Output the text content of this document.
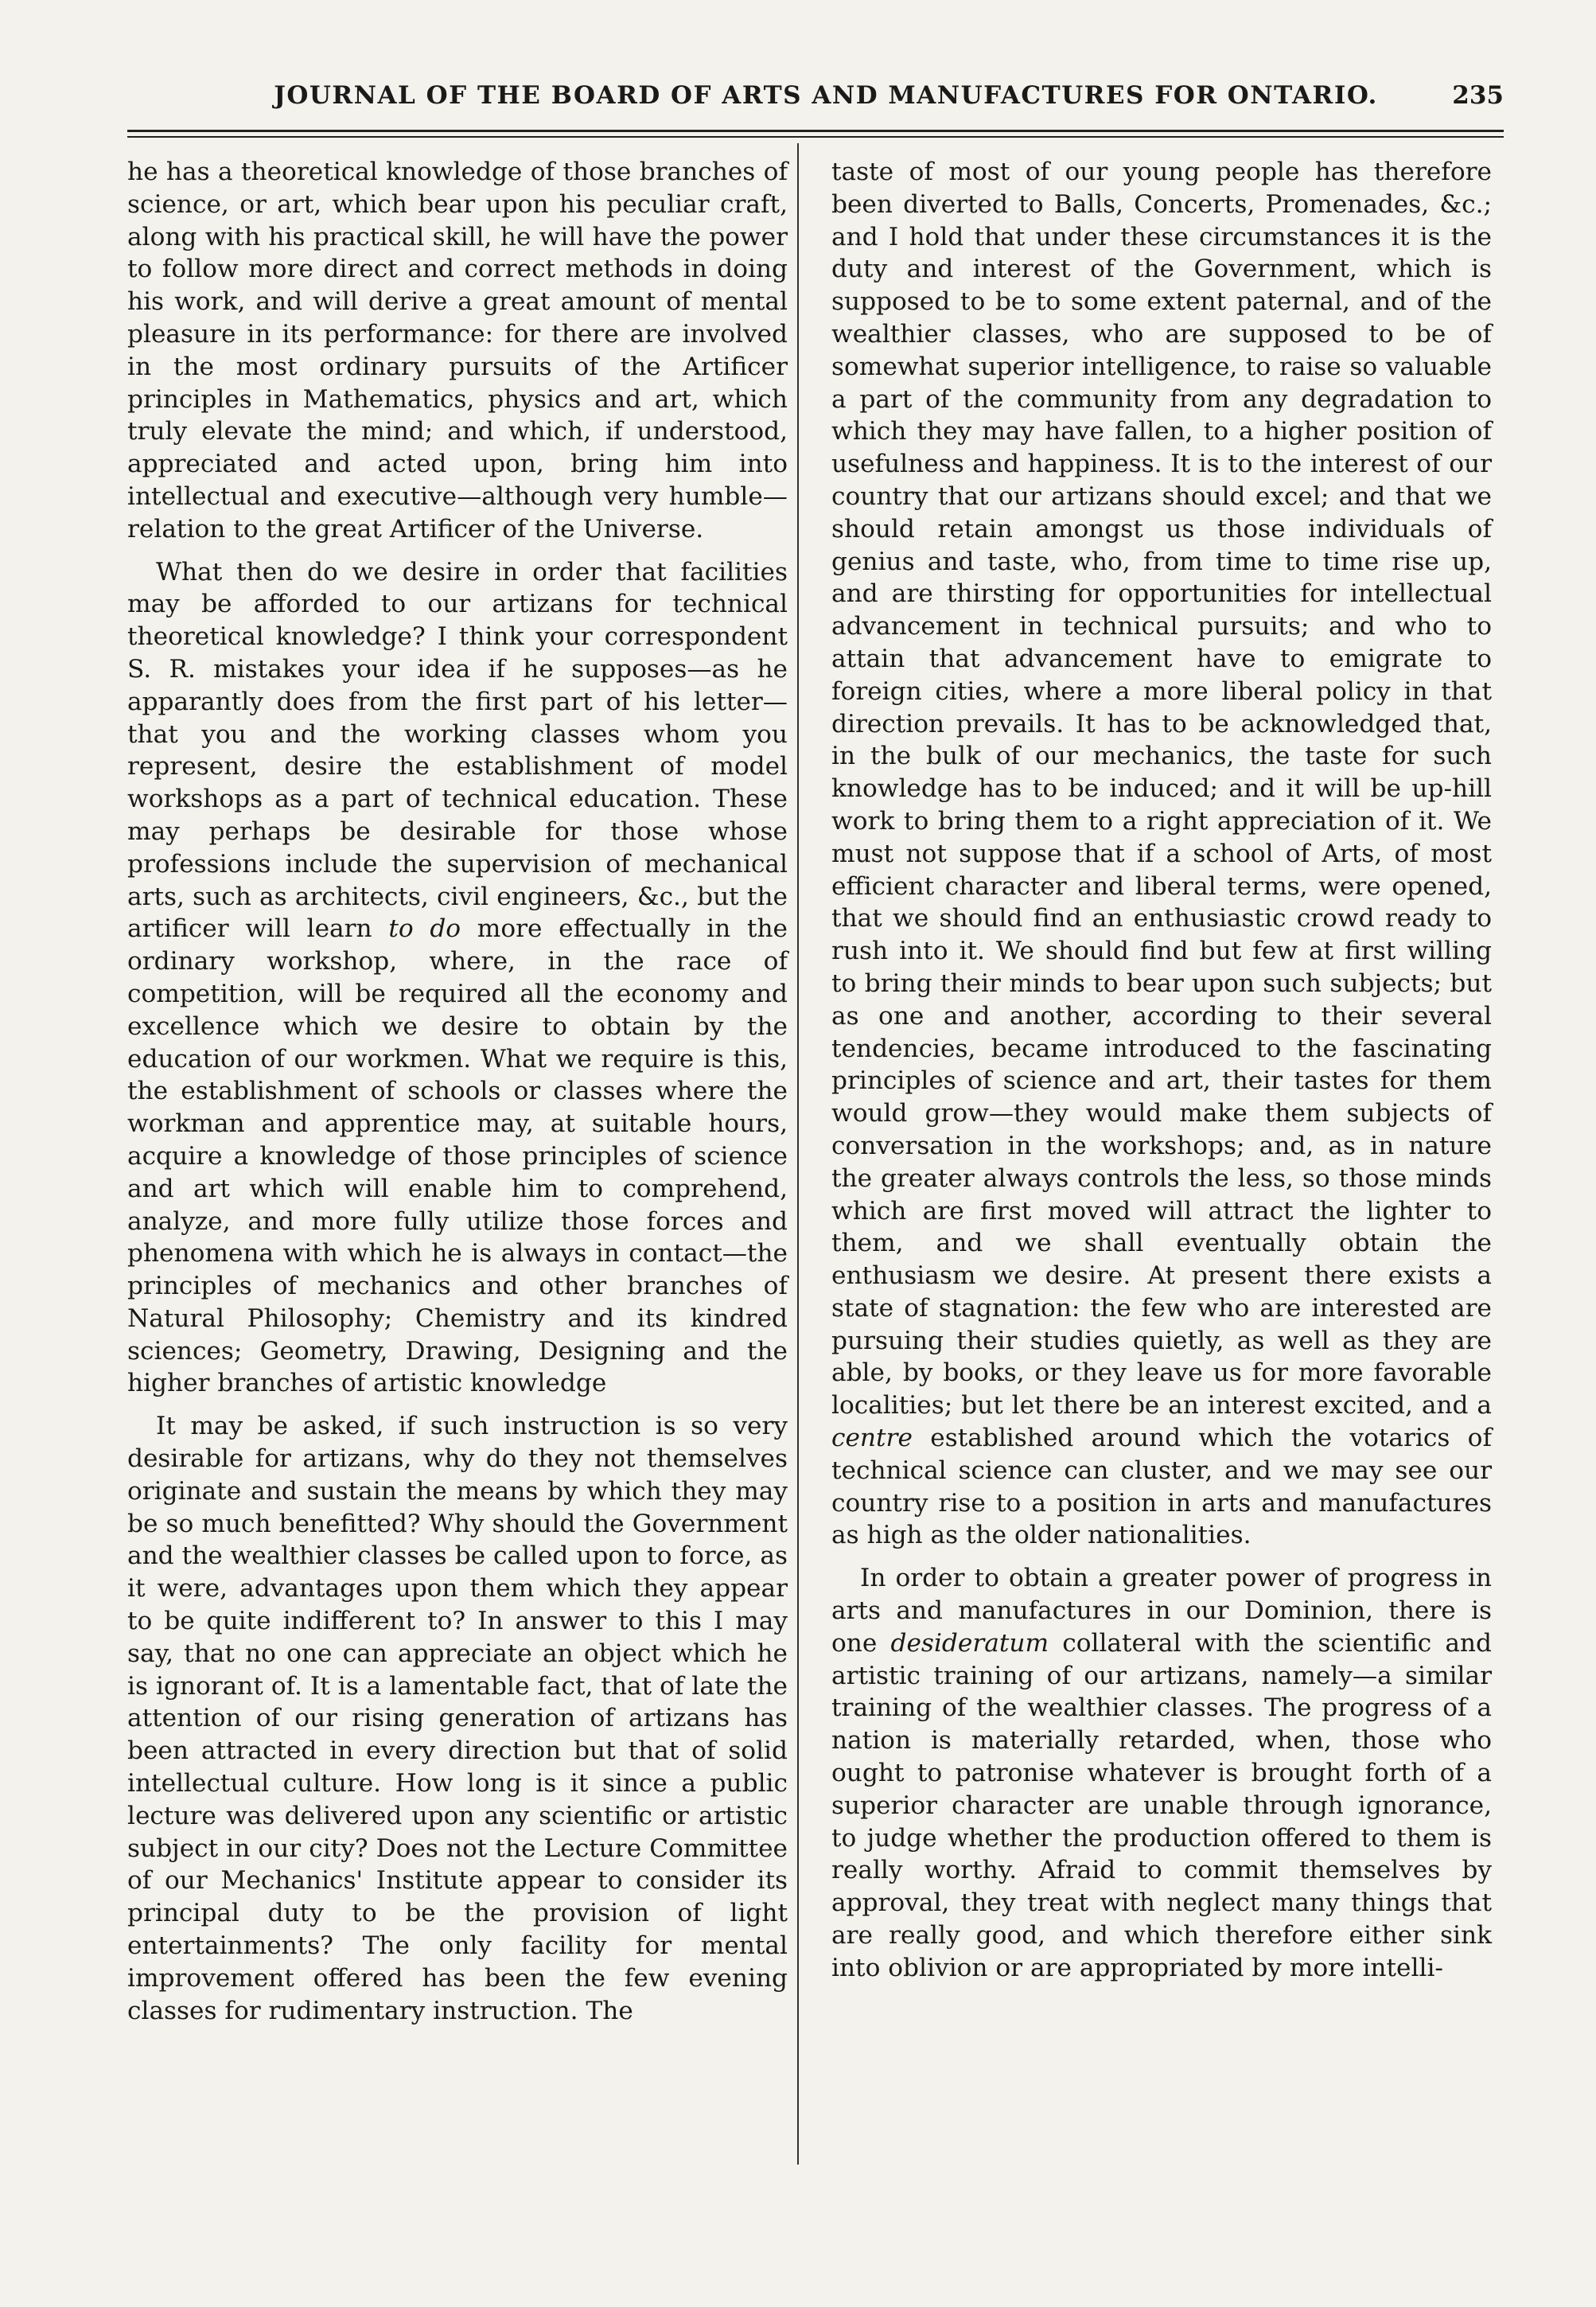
JOURNAL OF THE BOARD OF ARTS AND MANUFACTURES FOR ONTARIO.	235

he has a theoretical knowledge of those branches of science, or art, which bear upon his peculiar craft, along with his practical skill, he will have the power to follow more direct and correct methods in doing his work, and will derive a great amount of mental pleasure in its performance: for there are involved in the most ordinary pursuits of the Artificer principles in Mathematics, physics and art, which truly elevate the mind; and which, if understood, appreciated and acted upon, bring him into intellectual and executive—although very humble—relation to the great Artificer of the Universe.

What then do we desire in order that facilities may be afforded to our artizans for technical theoretical knowledge? I think your correspondent S. R. mistakes your idea if he supposes—as he apparantly does from the first part of his letter—that you and the working classes whom you represent, desire the establishment of model workshops as a part of technical education. These may perhaps be desirable for those whose professions include the supervision of mechanical arts, such as architects, civil engineers, &c., but the artificer will learn to do more effectually in the ordinary workshop, where, in the race of competition, will be required all the economy and excellence which we desire to obtain by the education of our workmen. What we require is this, the establishment of schools or classes where the workman and apprentice may, at suitable hours, acquire a knowledge of those principles of science and art which will enable him to comprehend, analyze, and more fully utilize those forces and phenomena with which he is always in contact—the principles of mechanics and other branches of Natural Philosophy; Chemistry and its kindred sciences; Geometry, Drawing, Designing and the higher branches of artistic knowledge

It may be asked, if such instruction is so very desirable for artizans, why do they not themselves originate and sustain the means by which they may be so much benefitted? Why should the Government and the wealthier classes be called upon to force, as it were, advantages upon them which they appear to be quite indifferent to? In answer to this I may say, that no one can appreciate an object which he is ignorant of. It is a lamentable fact, that of late the attention of our rising generation of artizans has been attracted in every direction but that of solid intellectual culture. How long is it since a public lecture was delivered upon any scientific or artistic subject in our city? Does not the Lecture Committee of our Mechanics' Institute appear to consider its principal duty to be the provision of light entertainments? The only facility for mental improvement offered has been the few evening classes for rudimentary instruction. The

taste of most of our young people has therefore been diverted to Balls, Concerts, Promenades, &c.; and I hold that under these circumstances it is the duty and interest of the Government, which is supposed to be to some extent paternal, and of the wealthier classes, who are supposed to be of somewhat superior intelligence, to raise so valuable a part of the community from any degradation to which they may have fallen, to a higher position of usefulness and happiness. It is to the interest of our country that our artizans should excel; and that we should retain amongst us those individuals of genius and taste, who, from time to time rise up, and are thirsting for opportunities for intellectual advancement in technical pursuits; and who to attain that advancement have to emigrate to foreign cities, where a more liberal policy in that direction prevails. It has to be acknowledged that, in the bulk of our mechanics, the taste for such knowledge has to be induced; and it will be up-hill work to bring them to a right appreciation of it. We must not suppose that if a school of Arts, of most efficient character and liberal terms, were opened, that we should find an enthusiastic crowd ready to rush into it. We should find but few at first willing to bring their minds to bear upon such subjects; but as one and another, according to their several tendencies, became introduced to the fascinating principles of science and art, their tastes for them would grow—they would make them subjects of conversation in the workshops; and, as in nature the greater always controls the less, so those minds which are first moved will attract the lighter to them, and we shall eventually obtain the enthusiasm we desire. At present there exists a state of stagnation: the few who are interested are pursuing their studies quietly, as well as they are able, by books, or they leave us for more favorable localities; but let there be an interest excited, and a centre established around which the votarics of technical science can cluster, and we may see our country rise to a position in arts and manufactures as high as the older nationalities.

In order to obtain a greater power of progress in arts and manufactures in our Dominion, there is one desideratum collateral with the scientific and artistic training of our artizans, namely—a similar training of the wealthier classes. The progress of a nation is materially retarded, when, those who ought to patronise whatever is brought forth of a superior character are unable through ignorance, to judge whether the production offered to them is really worthy. Afraid to commit themselves by approval, they treat with neglect many things that are really good, and which therefore either sink into oblivion or are appropriated by more intelli-
